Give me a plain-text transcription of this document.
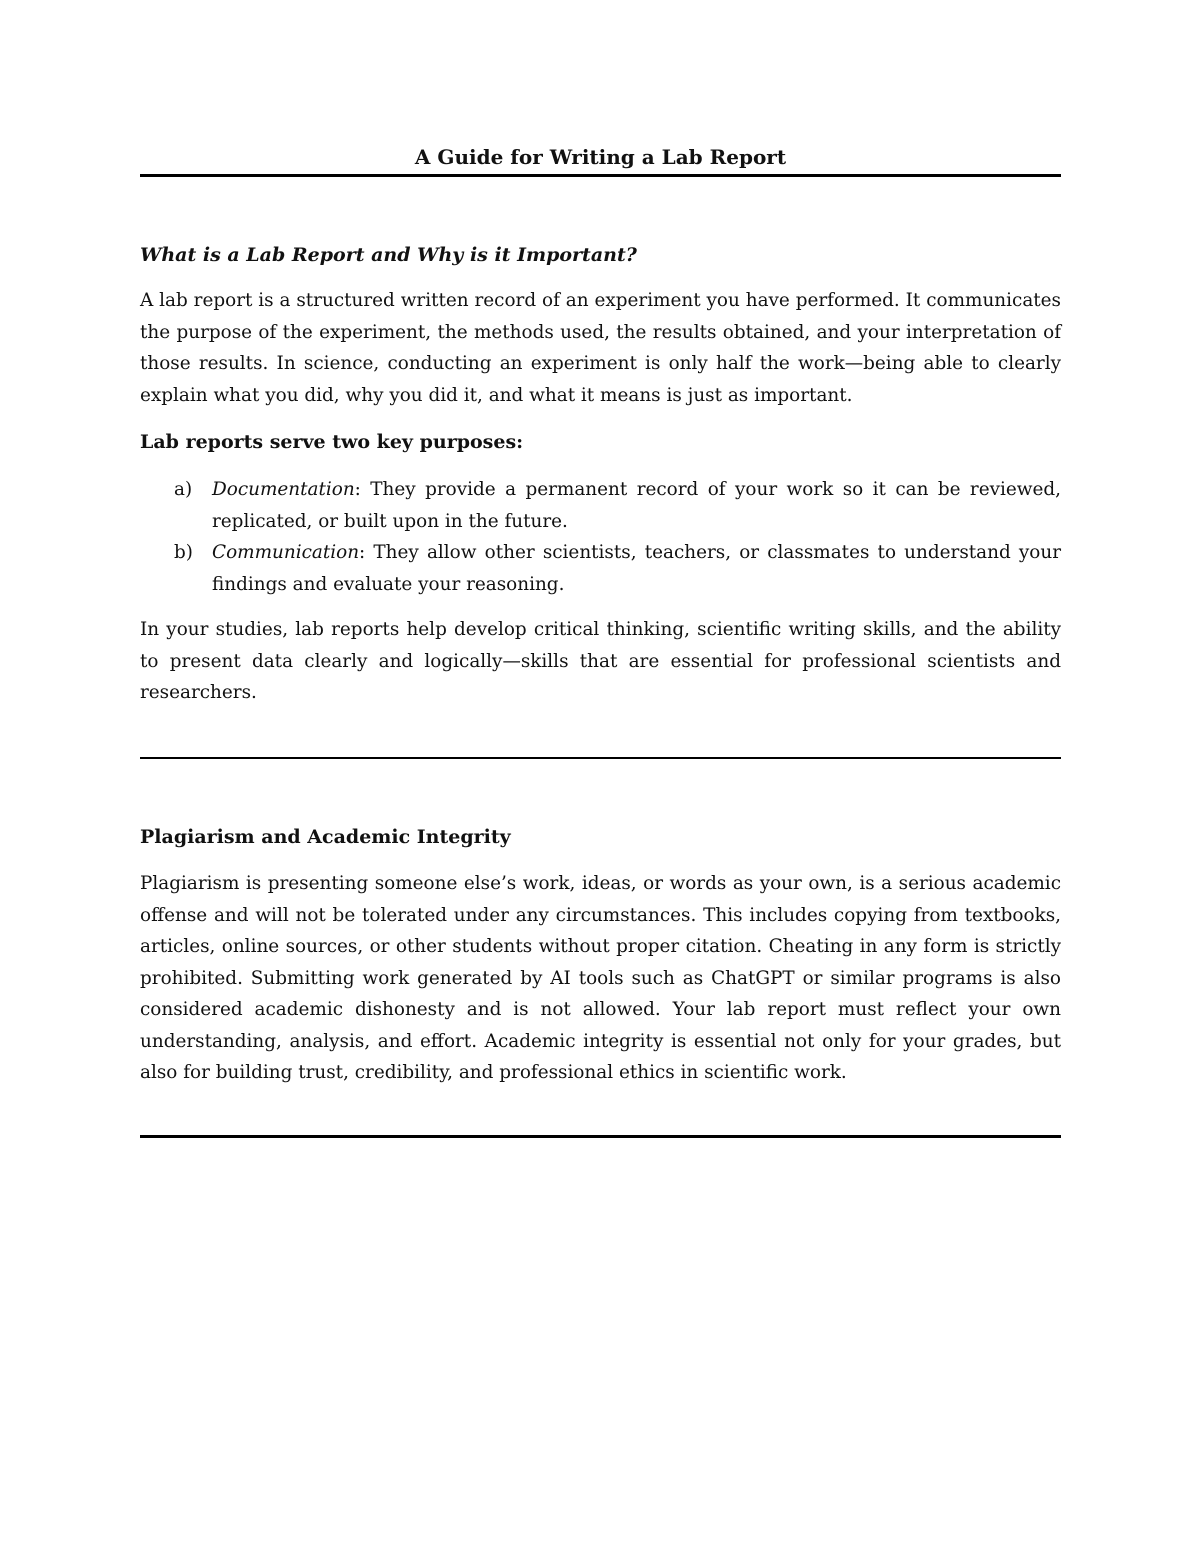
A Guide for Writing a Lab Report
What is a Lab Report and Why is it Important?

A lab report is a structured written record of an experiment you have performed. It communicates the purpose of the experiment, the methods used, the results obtained, and your interpretation of those results. In science, conducting an experiment is only half the work—being able to clearly explain what you did, why you did it, and what it means is just as important.

Lab reports serve two key purposes:
a) Documentation: They provide a permanent record of your work so it can be reviewed, replicated, or built upon in the future.
b) Communication: They allow other scientists, teachers, or classmates to understand your findings and evaluate your reasoning.

In your studies, lab reports help develop critical thinking, scientific writing skills, and the ability to present data clearly and logically—skills that are essential for professional scientists and researchers.

Plagiarism and Academic Integrity

Plagiarism is presenting someone else’s work, ideas, or words as your own, is a serious academic offense and will not be tolerated under any circumstances. This includes copying from textbooks, articles, online sources, or other students without proper citation. Cheating in any form is strictly prohibited. Submitting work generated by AI tools such as ChatGPT or similar programs is also considered academic dishonesty and is not allowed. Your lab report must reflect your own understanding, analysis, and effort. Academic integrity is essential not only for your grades, but also for building trust, credibility, and professional ethics in scientific work.
